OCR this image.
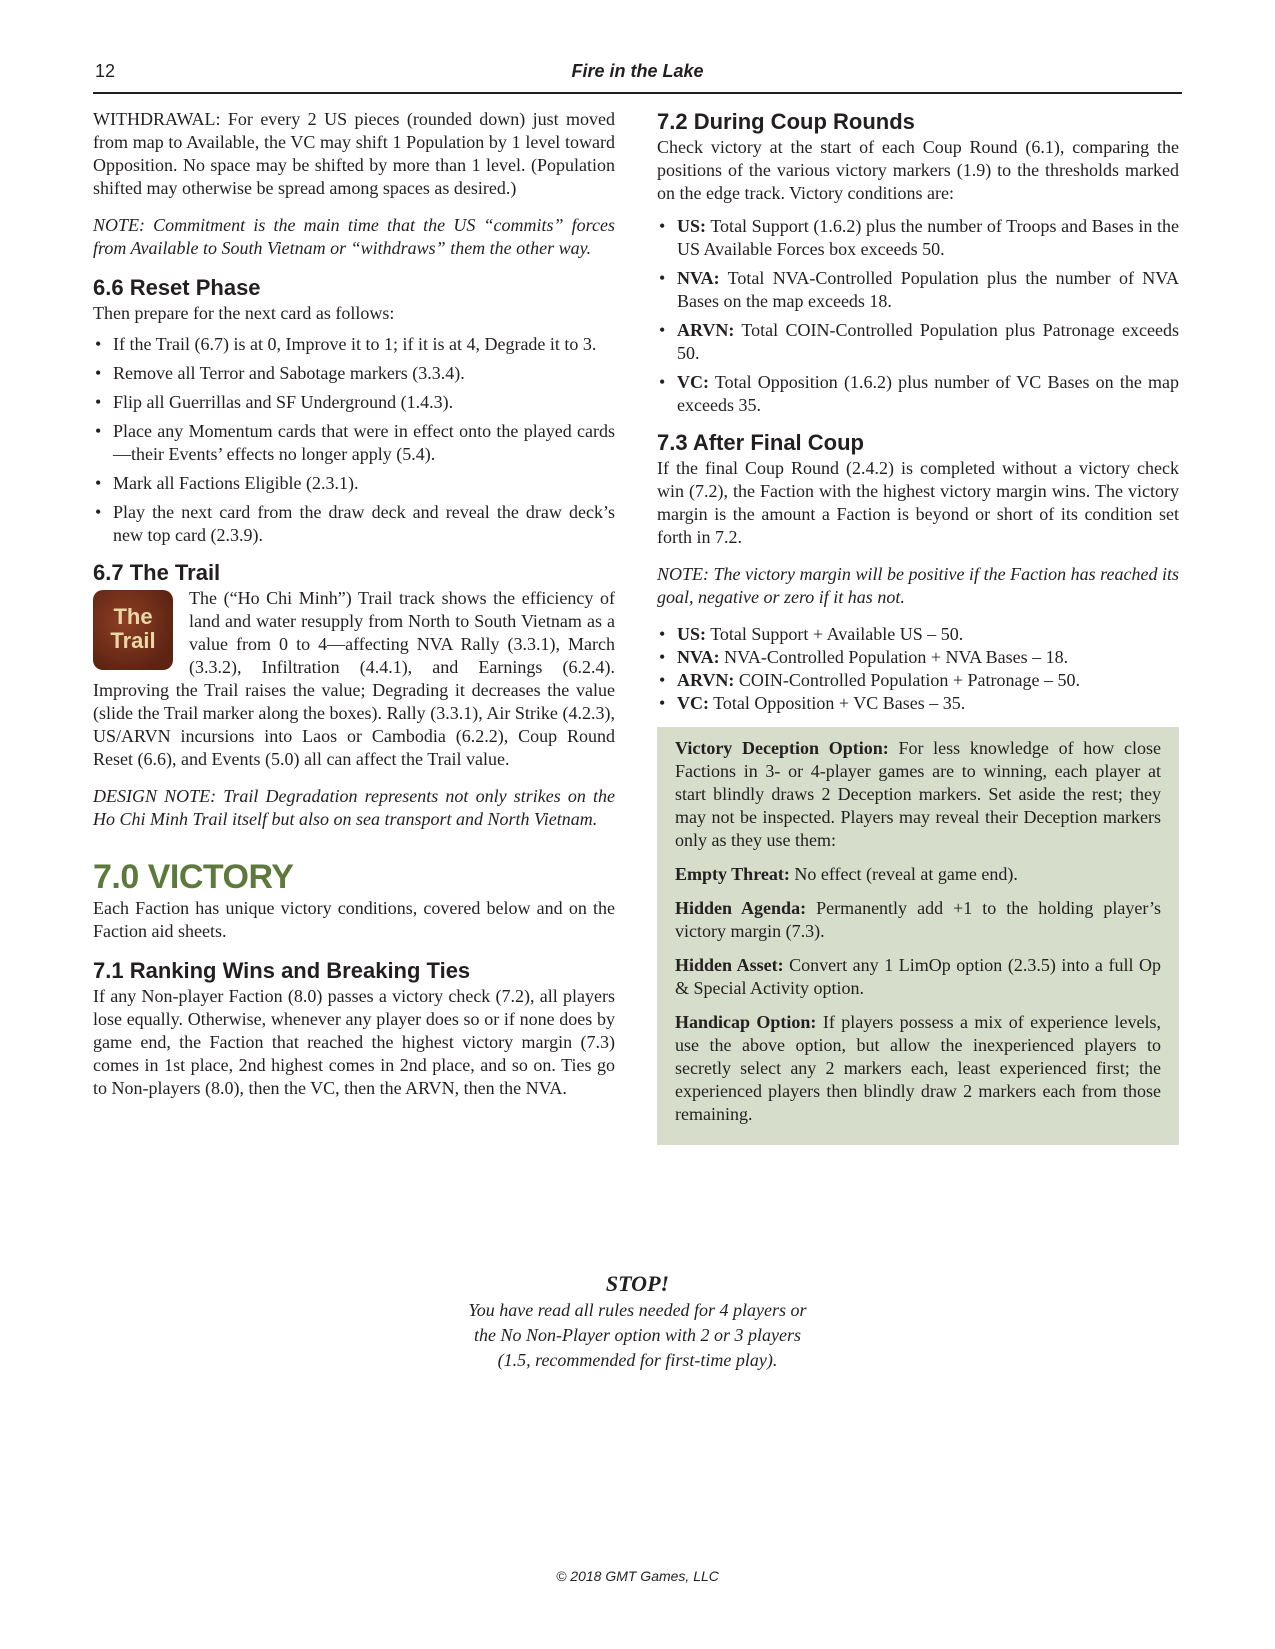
12	Fire in the Lake

WITHDRAWAL: For every 2 US pieces (rounded down) just moved from map to Available, the VC may shift 1 Population by 1 level toward Opposition. No space may be shifted by more than 1 level. (Population shifted may otherwise be spread among spaces as desired.)

NOTE: Commitment is the main time that the US “commits” forces from Available to South Vietnam or “withdraws” them the other way.

6.6 Reset Phase

Then prepare for the next card as follows:

• If the Trail (6.7) is at 0, Improve it to 1; if it is at 4, Degrade it to 3.
• Remove all Terror and Sabotage markers (3.3.4).
• Flip all Guerrillas and SF Underground (1.4.3).
• Place any Momentum cards that were in effect onto the played cards—their Events’ effects no longer apply (5.4).
• Mark all Factions Eligible (2.3.1).
• Play the next card from the draw deck and reveal the draw deck’s new top card (2.3.9).
6.7 The Trail
The
Trail

The (“Ho Chi Minh”) Trail track shows the efficiency of land and water resupply from North to South Vietnam as a value from 0 to 4—affecting NVA Rally (3.3.1), March (3.3.2), Infiltration (4.4.1), and Earnings (6.2.4). Improving the Trail raises the value; Degrading it decreases the value (slide the Trail marker along the boxes). Rally (3.3.1), Air Strike (4.2.3), US/ARVN incursions into Laos or Cambodia (6.2.2), Coup Round Reset (6.6), and Events (5.0) all can affect the Trail value.

DESIGN NOTE: Trail Degradation represents not only strikes on the Ho Chi Minh Trail itself but also on sea transport and North Vietnam.

7.0 VICTORY

Each Faction has unique victory conditions, covered below and on the Faction aid sheets.

7.1 Ranking Wins and Breaking Ties

If any Non-player Faction (8.0) passes a victory check (7.2), all players lose equally. Otherwise, whenever any player does so or if none does by game end, the Faction that reached the highest victory margin (7.3) comes in 1st place, 2nd highest comes in 2nd place, and so on. Ties go to Non-players (8.0), then the VC, then the ARVN, then the NVA.

7.2 During Coup Rounds

Check victory at the start of each Coup Round (6.1), comparing the positions of the various victory markers (1.9) to the thresholds marked on the edge track. Victory conditions are:

• US: Total Support (1.6.2) plus the number of Troops and Bases in the US Available Forces box exceeds 50.
• NVA: Total NVA-Controlled Population plus the number of NVA Bases on the map exceeds 18.
• ARVN: Total COIN-Controlled Population plus Patronage exceeds 50.
• VC: Total Opposition (1.6.2) plus number of VC Bases on the map exceeds 35.
7.3 After Final Coup

If the final Coup Round (2.4.2) is completed without a victory check win (7.2), the Faction with the highest victory margin wins. The victory margin is the amount a Faction is beyond or short of its condition set forth in 7.2.

NOTE: The victory margin will be positive if the Faction has reached its goal, negative or zero if it has not.

• US: Total Support + Available US – 50.
• NVA: NVA-Controlled Population + NVA Bases – 18.
• ARVN: COIN-Controlled Population + Patronage – 50.
• VC: Total Opposition + VC Bases – 35.

Victory Deception Option: For less knowledge of how close Factions in 3- or 4-player games are to winning, each player at start blindly draws 2 Deception markers. Set aside the rest; they may not be inspected. Players may reveal their Deception markers only as they use them:

Empty Threat: No effect (reveal at game end).

Hidden Agenda: Permanently add +1 to the holding player’s victory margin (7.3).

Hidden Asset: Convert any 1 LimOp option (2.3.5) into a full Op & Special Activity option.

Handicap Option: If players possess a mix of experience levels, use the above option, but allow the inexperienced players to secretly select any 2 markers each, least experienced first; the experienced players then blindly draw 2 markers each from those remaining.

STOP!
You have read all rules needed for 4 players or
the No Non-Player option with 2 or 3 players
(1.5, recommended for first-time play).
© 2018 GMT Games, LLC
